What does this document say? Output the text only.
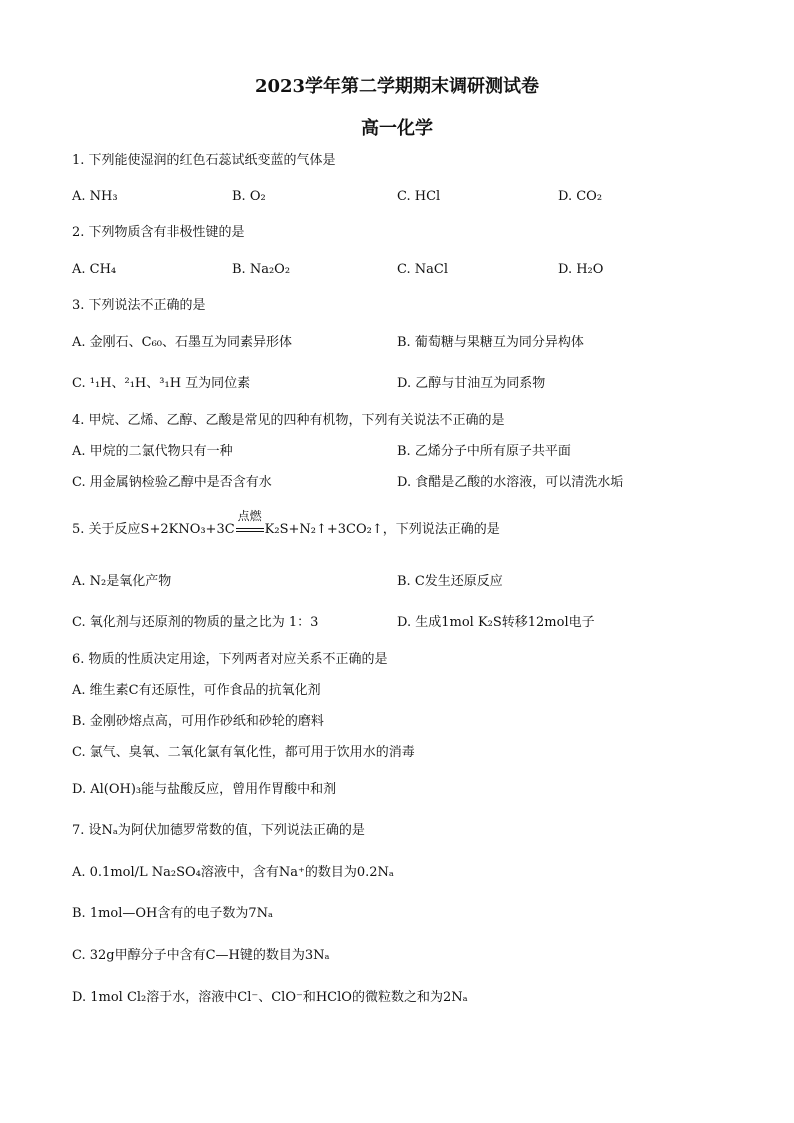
2023学年第二学期期末调研测试卷
高一化学
1. 下列能使湿润的红色石蕊试纸变蓝的气体是
A. NH₃	B. O₂	C. HCl	D. CO₂
2. 下列物质含有非极性键的是
A. CH₄	B. Na₂O₂	C. NaCl	D. H₂O
3. 下列说法不正确的是
A. 金刚石、C₆₀、石墨互为同素异形体	B. 葡萄糖与果糖互为同分异构体
C. ¹₁H、²₁H、³₁H 互为同位素	D. 乙醇与甘油互为同系物
4. 甲烷、乙烯、乙醇、乙酸是常见的四种有机物，下列有关说法不正确的是
A. 甲烷的二氯代物只有一种	B. 乙烯分子中所有原子共平面
C. 用金属钠检验乙醇中是否含有水	D. 食醋是乙酸的水溶液，可以清洗水垢
5. 关于反应S+2KNO₃+3C
点燃
K₂S+N₂↑+3CO₂↑，下列说法正确的是
A. N₂是氧化产物	B. C发生还原反应
C. 氧化剂与还原剂的物质的量之比为 1：3	D. 生成1mol K₂S转移12mol电子
6. 物质的性质决定用途，下列两者对应关系不正确的是
A. 维生素C有还原性，可作食品的抗氧化剂
B. 金刚砂熔点高，可用作砂纸和砂轮的磨料
C. 氯气、臭氧、二氧化氯有氧化性，都可用于饮用水的消毒
D. Al(OH)₃能与盐酸反应，曾用作胃酸中和剂
7. 设Nₐ为阿伏加德罗常数的值，下列说法正确的是
A. 0.1mol/L Na₂SO₄溶液中，含有Na⁺的数目为0.2Nₐ
B. 1mol—OH含有的电子数为7Nₐ
C. 32g甲醇分子中含有C—H键的数目为3Nₐ
D. 1mol Cl₂溶于水，溶液中Cl⁻、ClO⁻和HClO的微粒数之和为2Nₐ
